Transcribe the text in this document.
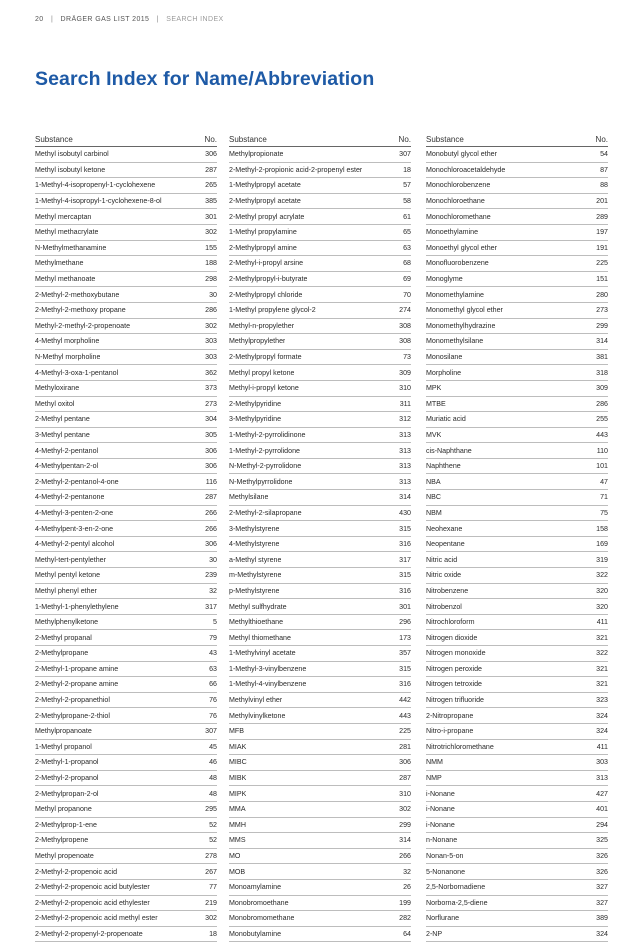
20 | DRÄGER GAS LIST 2015 | SEARCH INDEX
Search Index for Name/Abbreviation
Substance	No.
Methyl isobutyl carbinol	306
Methyl isobutyl ketone	287
1-Methyl-4-isopropenyl-1-cyclohexene	265
1-Methyl-4-isopropyl-1-cyclohexene-8-ol	385
Methyl mercaptan	301
Methyl methacrylate	302
N-Methylmethanamine	155
Methylmethane	188
Methyl methanoate	298
2-Methyl-2-methoxybutane	30
2-Methyl-2-methoxy propane	286
Methyl-2-methyl-2-propenoate	302
4-Methyl morpholine	303
N-Methyl morpholine	303
4-Methyl-3-oxa-1-pentanol	362
Methyloxirane	373
Methyl oxitol	273
2-Methyl pentane	304
3-Methyl pentane	305
4-Methyl-2-pentanol	306
4-Methylpentan-2-ol	306
2-Methyl-2-pentanol-4-one	116
4-Methyl-2-pentanone	287
4-Methyl-3-penten-2-one	266
4-Methylpent-3-en-2-one	266
4-Methyl-2-pentyl alcohol	306
Methyl-tert-pentylether	30
Methyl pentyl ketone	239
Methyl phenyl ether	32
1-Methyl-1-phenylethylene	317
Methylphenylketone	5
2-Methyl propanal	79
2-Methylpropane	43
2-Methyl-1-propane amine	63
2-Methyl-2-propane amine	66
2-Methyl-2-propanethiol	76
2-Methylpropane-2-thiol	76
Methylpropanoate	307
1-Methyl propanol	45
2-Methyl-1-propanol	46
2-Methyl-2-propanol	48
2-Methylpropan-2-ol	48
Methyl propanone	295
2-Methylprop-1-ene	52
2-Methylpropene	52
Methyl propenoate	278
2-Methyl-2-propenoic acid	267
2-Methyl-2-propenoic acid butylester	77
2-Methyl-2-propenoic acid ethylester	219
2-Methyl-2-propenoic acid methyl ester	302
2-Methyl-2-propenyl-2-propenoate	18
Substance	No.
Methylpropionate	307
2-Methyl-2-propionic acid-2-propenyl ester	18
1-Methylpropyl acetate	57
2-Methylpropyl acetate	58
2-Methyl propyl acrylate	61
1-Methyl propylamine	65
2-Methylpropyl amine	63
2-Methyl-i-propyl arsine	68
2-Methylpropyl-i-butyrate	69
2-Methylpropyl chloride	70
1-Methyl propylene glycol-2	274
Methyl-n-propylether	308
Methylpropylether	308
2-Methylpropyl formate	73
Methyl propyl ketone	309
Methyl-i-propyl ketone	310
2-Methylpyridine	311
3-Methylpyridine	312
1-Methyl-2-pyrrolidinone	313
1-Methyl-2-pyrrolidone	313
N-Methyl-2-pyrrolidone	313
N-Methylpyrrolidone	313
Methylsilane	314
2-Methyl-2-silapropane	430
3-Methylstyrene	315
4-Methylstyrene	316
a-Methyl styrene	317
m-Methylstyrene	315
p-Methylstyrene	316
Methyl sulfhydrate	301
Methylthioethane	296
Methyl thiomethane	173
1-Methylvinyl acetate	357
1-Methyl-3-vinylbenzene	315
1-Methyl-4-vinylbenzene	316
Methylvinyl ether	442
Methylvinylketone	443
MFB	225
MIAK	281
MIBC	306
MIBK	287
MIPK	310
MMA	302
MMH	299
MMS	314
MO	266
MOB	32
Monoamylamine	26
Monobromoethane	199
Monobromomethane	282
Monobutylamine	64
Substance	No.
Monobutyl glycol ether	54
Monochloroacetaldehyde	87
Monochlorobenzene	88
Monochloroethane	201
Monochloromethane	289
Monoethylamine	197
Monoethyl glycol ether	191
Monofluorobenzene	225
Monoglyme	151
Monomethylamine	280
Monomethyl glycol ether	273
Monomethylhydrazine	299
Monomethylsilane	314
Monosilane	381
Morpholine	318
MPK	309
MTBE	286
Muriatic acid	255
MVK	443
cis-Naphthane	110
Naphthene	101
NBA	47
NBC	71
NBM	75
Neohexane	158
Neopentane	169
Nitric acid	319
Nitric oxide	322
Nitrobenzene	320
Nitrobenzol	320
Nitrochloroform	411
Nitrogen dioxide	321
Nitrogen monoxide	322
Nitrogen peroxide	321
Nitrogen tetroxide	321
Nitrogen trifluoride	323
2-Nitropropane	324
Nitro-i-propane	324
Nitrotrichloromethane	411
NMM	303
NMP	313
i-Nonane	427
i-Nonane	401
i-Nonane	294
n-Nonane	325
Nonan-5-on	326
5-Nonanone	326
2,5-Norbornadiene	327
Norborna-2,5-diene	327
Norflurane	389
2-NP	324
